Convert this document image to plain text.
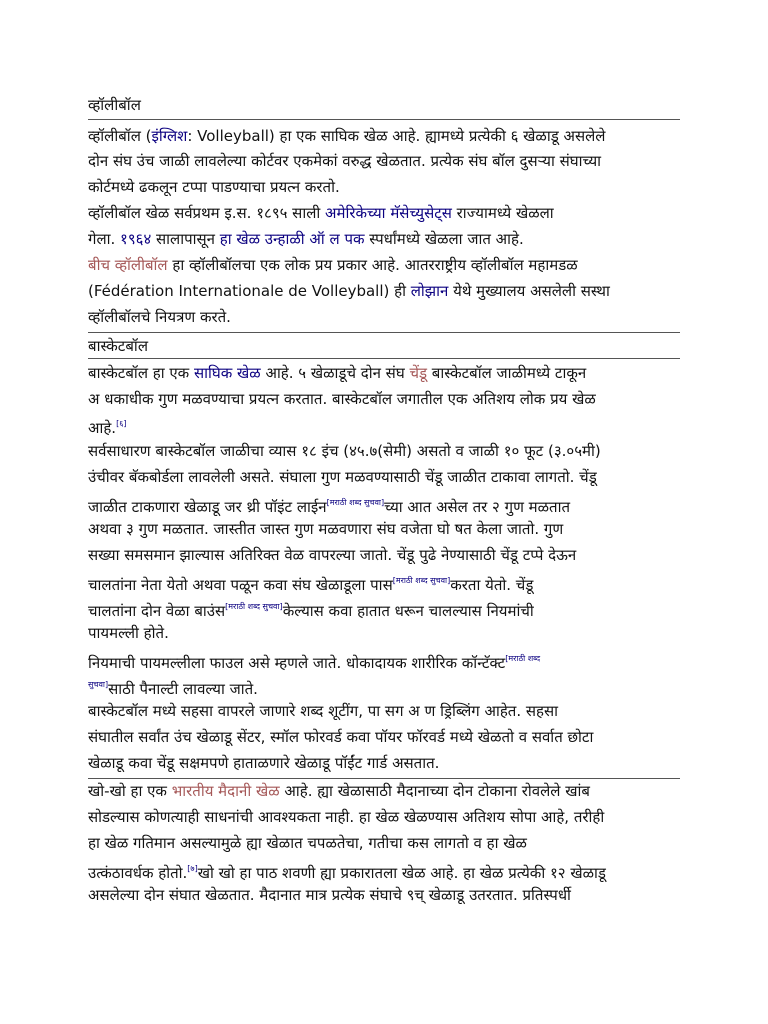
व्हॉलीबॉल
व्हॉलीबॉल (इंग्लिश: Volleyball) हा एक साघिक खेळ आहे. ह्यामध्ये प्रत्येकी ६ खेळाडू असलेले
दोन संघ उंच जाळी लावलेल्या कोर्टवर एकमेकां वरुद्ध खेळतात. प्रत्येक संघ बॉल दुसऱ्या संघाच्या
कोर्टमध्ये ढकलून टप्पा पाडण्याचा प्रयत्न करतो.
व्हॉलीबॉल खेळ सर्वप्रथम इ.स. १८९५ साली अमेरिकेच्या मॅसेच्युसेट्स राज्यामध्ये खेळला
गेला. १९६४ सालापासून हा खेळ उन्हाळी ऑ ल पक स्पर्धांमध्ये खेळला जात आहे.
बीच व्हॉलीबॉल हा व्हॉलीबॉलचा एक लोक प्रय प्रकार आहे. आतरराष्ट्रीय व्हॉलीबॉल महामडळ
(Fédération Internationale de Volleyball) ही लोझान येथे मुख्यालय असलेली सस्था
व्हॉलीबॉलचे नियत्रण करते.
बास्केटबॉल
बास्केटबॉल हा एक साघिक खेळ आहे. ५ खेळाडूचे दोन संघ चेंडू बास्केटबॉल जाळीमध्ये टाकून
अ धकाधीक गुण मळवण्याचा प्रयत्न करतात. बास्केटबॉल जगातील एक अतिशय लोक प्रय खेळ
आहे.[६]
सर्वसाधारण बास्केटबॉल जाळीचा व्यास १८ इंच (४५.७(सेमी) असतो व जाळी १० फूट (३.०५मी)
उंचीवर बॅकबोर्डला लावलेली असते. संघाला गुण मळवण्यासाठी चेंडू जाळीत टाकावा लागतो. चेंडू
जाळीत टाकणारा खेळाडू जर थ्री पॉइंट लाईन[मराठी शब्द सुचवा]च्या आत असेल तर २ गुण मळतात
अथवा ३ गुण मळतात. जास्तीत जास्त गुण मळवणारा संघ वजेता घो षत केला जातो. गुण
सख्या समसमान झाल्यास अतिरिक्त वेळ वापरल्या जातो. चेंडू पुढे नेण्यासाठी चेंडू टप्पे देऊन
चालतांना नेता येतो अथवा पळून कवा संघ खेळाडूला पास[मराठी शब्द सुचवा]करता येतो. चेंडू
चालतांना दोन वेळा बाउंस[मराठी शब्द सुचवा]केल्यास कवा हातात धरून चालल्यास नियमांची
पायमल्ली होते.
नियमाची पायमल्लीला फाउल असे म्हणले जाते. धोकादायक शारीरिक कॉन्टॅक्ट$^{[मराठी शब्द}$
$^{सुचवा]}$साठी पैनाल्टी लावल्या जाते.
बास्केटबॉल मध्ये सहसा वापरले जाणारे शब्द शूटींग, पा सग अ ण ड्रिब्लिंग आहेत. सहसा
संघातील सर्वांत उंच खेळाडू सेंटर, स्मॉल फोरवर्ड कवा पॉयर फॉरवर्ड मध्ये खेळतो व सर्वात छोटा
खेळाडू कवा चेंडू सक्षमपणे हाताळणारे खेळाडू पॉईंट गार्ड असतात.
खो-खो हा एक भारतीय मैदानी खेळ आहे. ह्या खेळासाठी मैदानाच्या दोन टोकाना रोवलेले खांब
सोडल्यास कोणत्याही साधनांची आवश्यकता नाही. हा खेळ खेळण्यास अतिशय सोपा आहे, तरीही
हा खेळ गतिमान असल्यामुळे ह्या खेळात चपळतेचा, गतीचा कस लागतो व हा खेळ
उत्कंठावर्धक होतो.[७]खो खो हा पाठ शवणी ह्या प्रकारातला खेळ आहे. हा खेळ प्रत्येकी १२ खेळाडू
असलेल्या दोन संघात खेळतात. मैदानात मात्र प्रत्येक संघाचे ९च् खेळाडू उतरतात. प्रतिस्पर्धी
